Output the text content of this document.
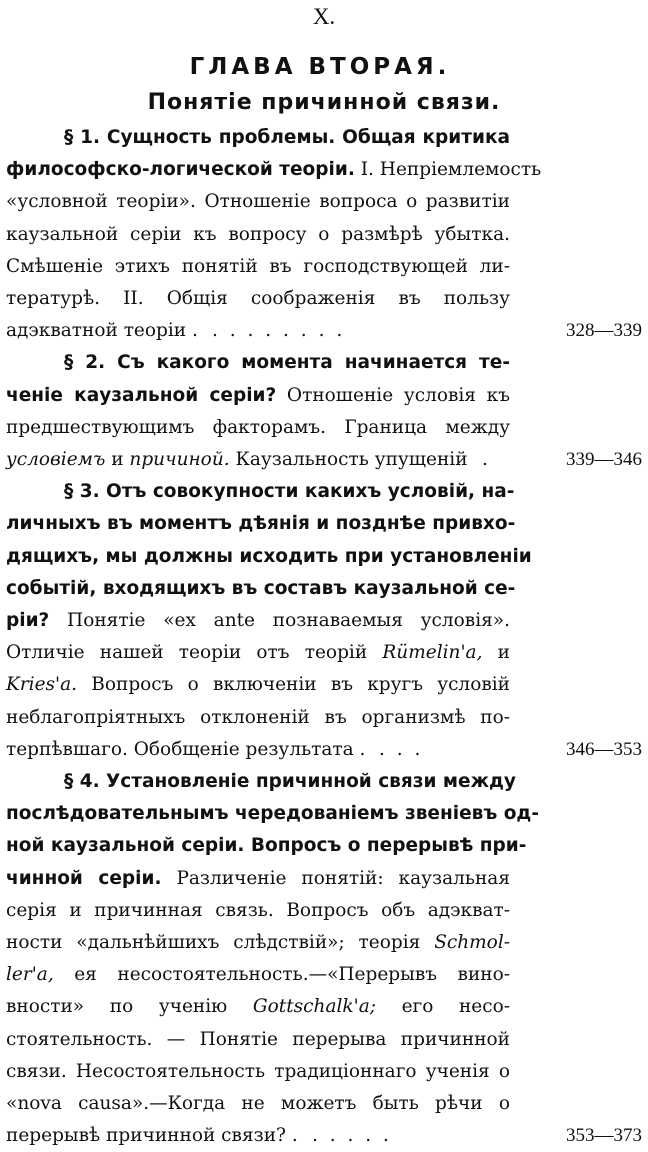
X.
ГЛАВА ВТОРАЯ.
Понятіе причинной связи.
§ 1. Сущность проблемы. Общая критика
философско-логической теоріи. I. Непріемлемость
«условной теоріи». Отношеніе вопроса о развитіи
каузальной серіи къ вопросу о размѣрѣ убытка.
Смѣшеніе этихъ понятій въ господствующей ли-
тературѣ. II. Общія соображенія въ пользу
адэкватной теоріи . . . . . . . . .	328—339
§ 2. Съ какого момента начинается те-
ченіе каузальной серіи? Отношеніе условія къ
предшествующимъ факторамъ. Граница между
условіемъ и причиной. Каузальность упущеній .	339—346
§ 3. Отъ совокупности какихъ условій, на-
личныхъ въ моментъ дѣянія и позднѣе привхо-
дящихъ, мы должны исходить при установленіи
событій, входящихъ въ составъ каузальной се-
ріи? Понятіе «ex ante познаваемыя условія».
Отличіе нашей теоріи отъ теорій Rümelin'a, и
Kries'a. Вопросъ о включеніи въ кругъ условій
неблагопріятныхъ отклоненій въ организмѣ по-
терпѣвшаго. Обобщеніе результата . . . .	346—353
§ 4. Установленіе причинной связи между
послѣдовательнымъ чередованіемъ звеніевъ од-
ной каузальной серіи. Вопросъ о перерывѣ при-
чинной серіи. Различеніе понятій: каузальная
серія и причинная связь. Вопросъ объ адэкват-
ности «дальнѣйшихъ слѣдствій»; теорія Schmol-
ler'a, ея несостоятельность.—«Перерывъ вино-
вности» по ученію Gottschalk'a; его несо-
стоятельность. — Понятіе перерыва причинной
связи. Несостоятельность традиціоннаго ученія о
«nova causa».—Когда не можетъ быть рѣчи о
перерывѣ причинной связи? . . . . . .	353—373
